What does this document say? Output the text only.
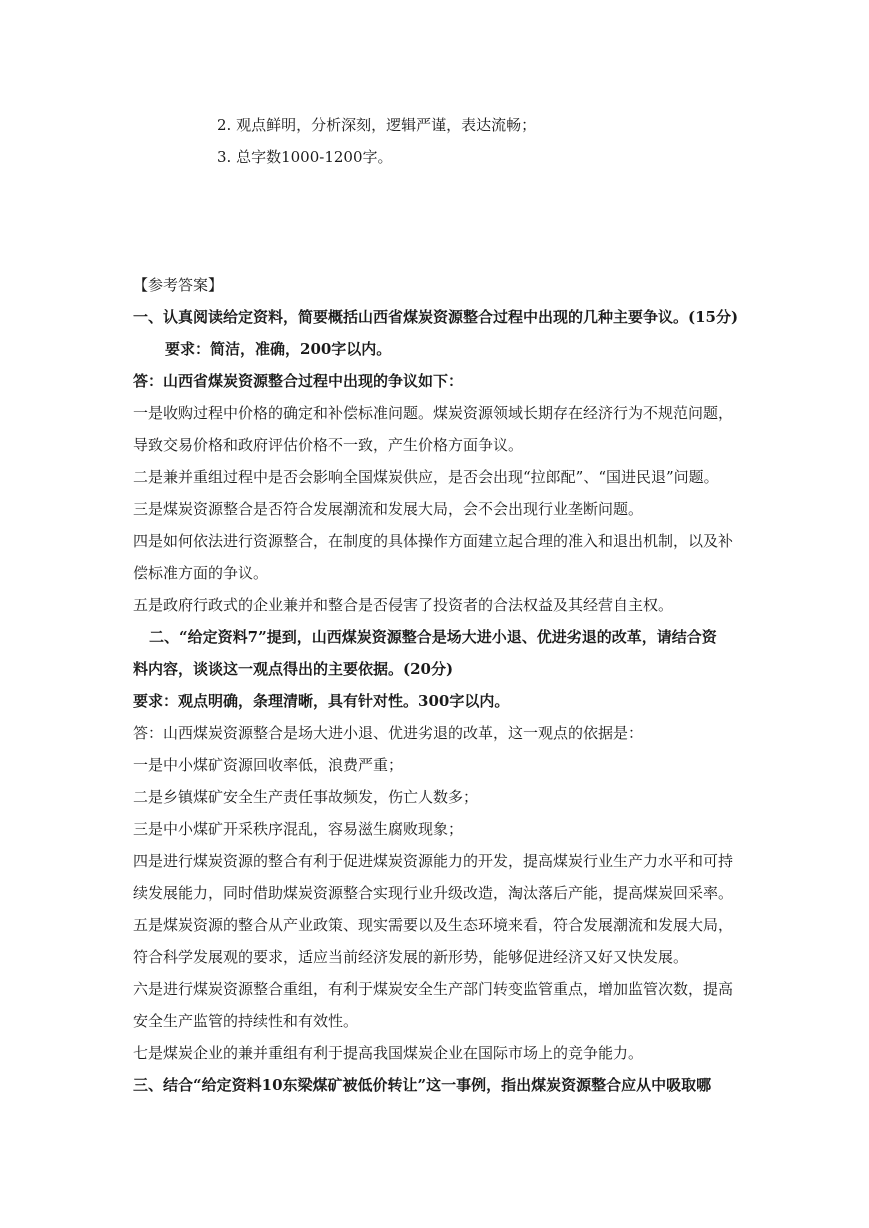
2. 观点鲜明，分析深刻，逻辑严谨，表达流畅；

3. 总字数1000-1200字。

【参考答案】

一、认真阅读给定资料，简要概括山西省煤炭资源整合过程中出现的几种主要争议。(15分)

要求：简洁，准确，200字以内。

答：山西省煤炭资源整合过程中出现的争议如下：

一是收购过程中价格的确定和补偿标准问题。煤炭资源领域长期存在经济行为不规范问题，

导致交易价格和政府评估价格不一致，产生价格方面争议。

二是兼并重组过程中是否会影响全国煤炭供应，是否会出现“拉郎配”、“国进民退”问题。

三是煤炭资源整合是否符合发展潮流和发展大局，会不会出现行业垄断问题。

四是如何依法进行资源整合，在制度的具体操作方面建立起合理的准入和退出机制，以及补

偿标准方面的争议。

五是政府行政式的企业兼并和整合是否侵害了投资者的合法权益及其经营自主权。

二、“给定资料7”提到，山西煤炭资源整合是场大进小退、优进劣退的改革，请结合资

料内容，谈谈这一观点得出的主要依据。(20分)

要求：观点明确，条理清晰，具有针对性。300字以内。

答：山西煤炭资源整合是场大进小退、优进劣退的改革，这一观点的依据是：

一是中小煤矿资源回收率低，浪费严重；

二是乡镇煤矿安全生产责任事故频发，伤亡人数多；

三是中小煤矿开采秩序混乱，容易滋生腐败现象；

四是进行煤炭资源的整合有利于促进煤炭资源能力的开发，提高煤炭行业生产力水平和可持

续发展能力，同时借助煤炭资源整合实现行业升级改造，淘汰落后产能，提高煤炭回采率。

五是煤炭资源的整合从产业政策、现实需要以及生态环境来看，符合发展潮流和发展大局，

符合科学发展观的要求，适应当前经济发展的新形势，能够促进经济又好又快发展。

六是进行煤炭资源整合重组，有利于煤炭安全生产部门转变监管重点，增加监管次数，提高

安全生产监管的持续性和有效性。

七是煤炭企业的兼并重组有利于提高我国煤炭企业在国际市场上的竞争能力。

三、结合“给定资料10东梁煤矿被低价转让”这一事例，指出煤炭资源整合应从中吸取哪
